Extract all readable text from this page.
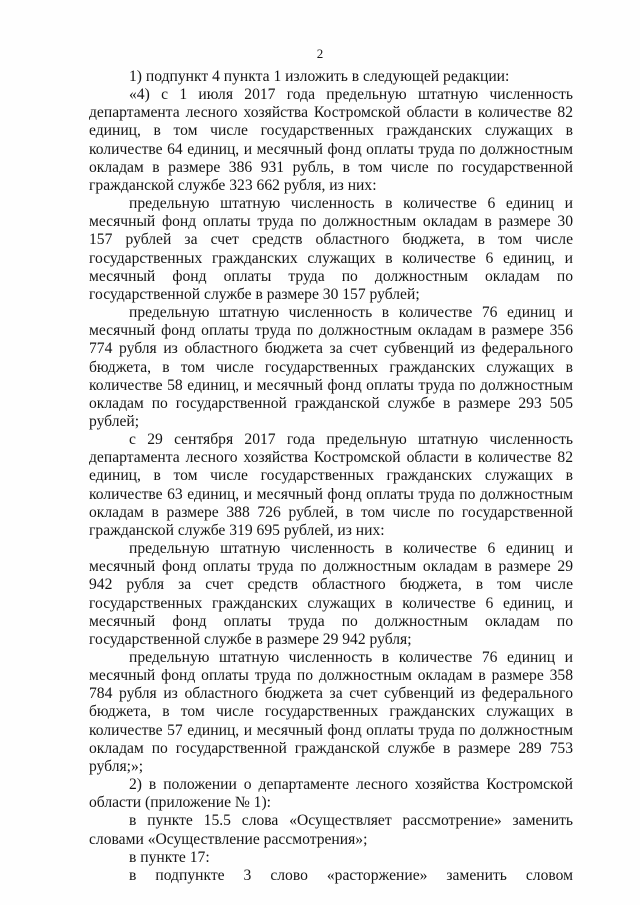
2

1) подпункт 4 пункта 1 изложить в следующей редакции:

«4) с 1 июля 2017 года предельную штатную численность департамента лесного хозяйства Костромской области в количестве 82 единиц, в том числе государственных гражданских служащих в количестве 64 единиц, и месячный фонд оплаты труда по должностным окладам в размере 386 931 рубль, в том числе по государственной гражданской службе 323 662 рубля, из них:

предельную штатную численность в количестве 6 единиц и месячный фонд оплаты труда по должностным окладам в размере 30 157 рублей за счет средств областного бюджета, в том числе государственных гражданских служащих в количестве 6 единиц, и месячный фонд оплаты труда по должностным окладам по государственной службе в размере 30 157 рублей;

предельную штатную численность в количестве 76 единиц и месячный фонд оплаты труда по должностным окладам в размере 356 774 рубля из областного бюджета за счет субвенций из федерального бюджета, в том числе государственных гражданских служащих в количестве 58 единиц, и месячный фонд оплаты труда по должностным окладам по государственной гражданской службе в размере 293 505 рублей;

с 29 сентября 2017 года предельную штатную численность департамента лесного хозяйства Костромской области в количестве 82 единиц, в том числе государственных гражданских служащих в количестве 63 единиц, и месячный фонд оплаты труда по должностным окладам в размере 388 726 рублей, в том числе по государственной гражданской службе 319 695 рублей, из них:

предельную штатную численность в количестве 6 единиц и месячный фонд оплаты труда по должностным окладам в размере 29 942 рубля за счет средств областного бюджета, в том числе государственных гражданских служащих в количестве 6 единиц, и месячный фонд оплаты труда по должностным окладам по государственной службе в размере 29 942 рубля;

предельную штатную численность в количестве 76 единиц и месячный фонд оплаты труда по должностным окладам в размере 358 784 рубля из областного бюджета за счет субвенций из федерального бюджета, в том числе государственных гражданских служащих в количестве 57 единиц, и месячный фонд оплаты труда по должностным окладам по государственной гражданской службе в размере 289 753 рубля;»;

2) в положении о департаменте лесного хозяйства Костромской области (приложение № 1):

в пункте 15.5 слова «Осуществляет рассмотрение» заменить словами «Осуществление рассмотрения»;

в пункте 17:

в подпункте 3 слово «расторжение» заменить словом
